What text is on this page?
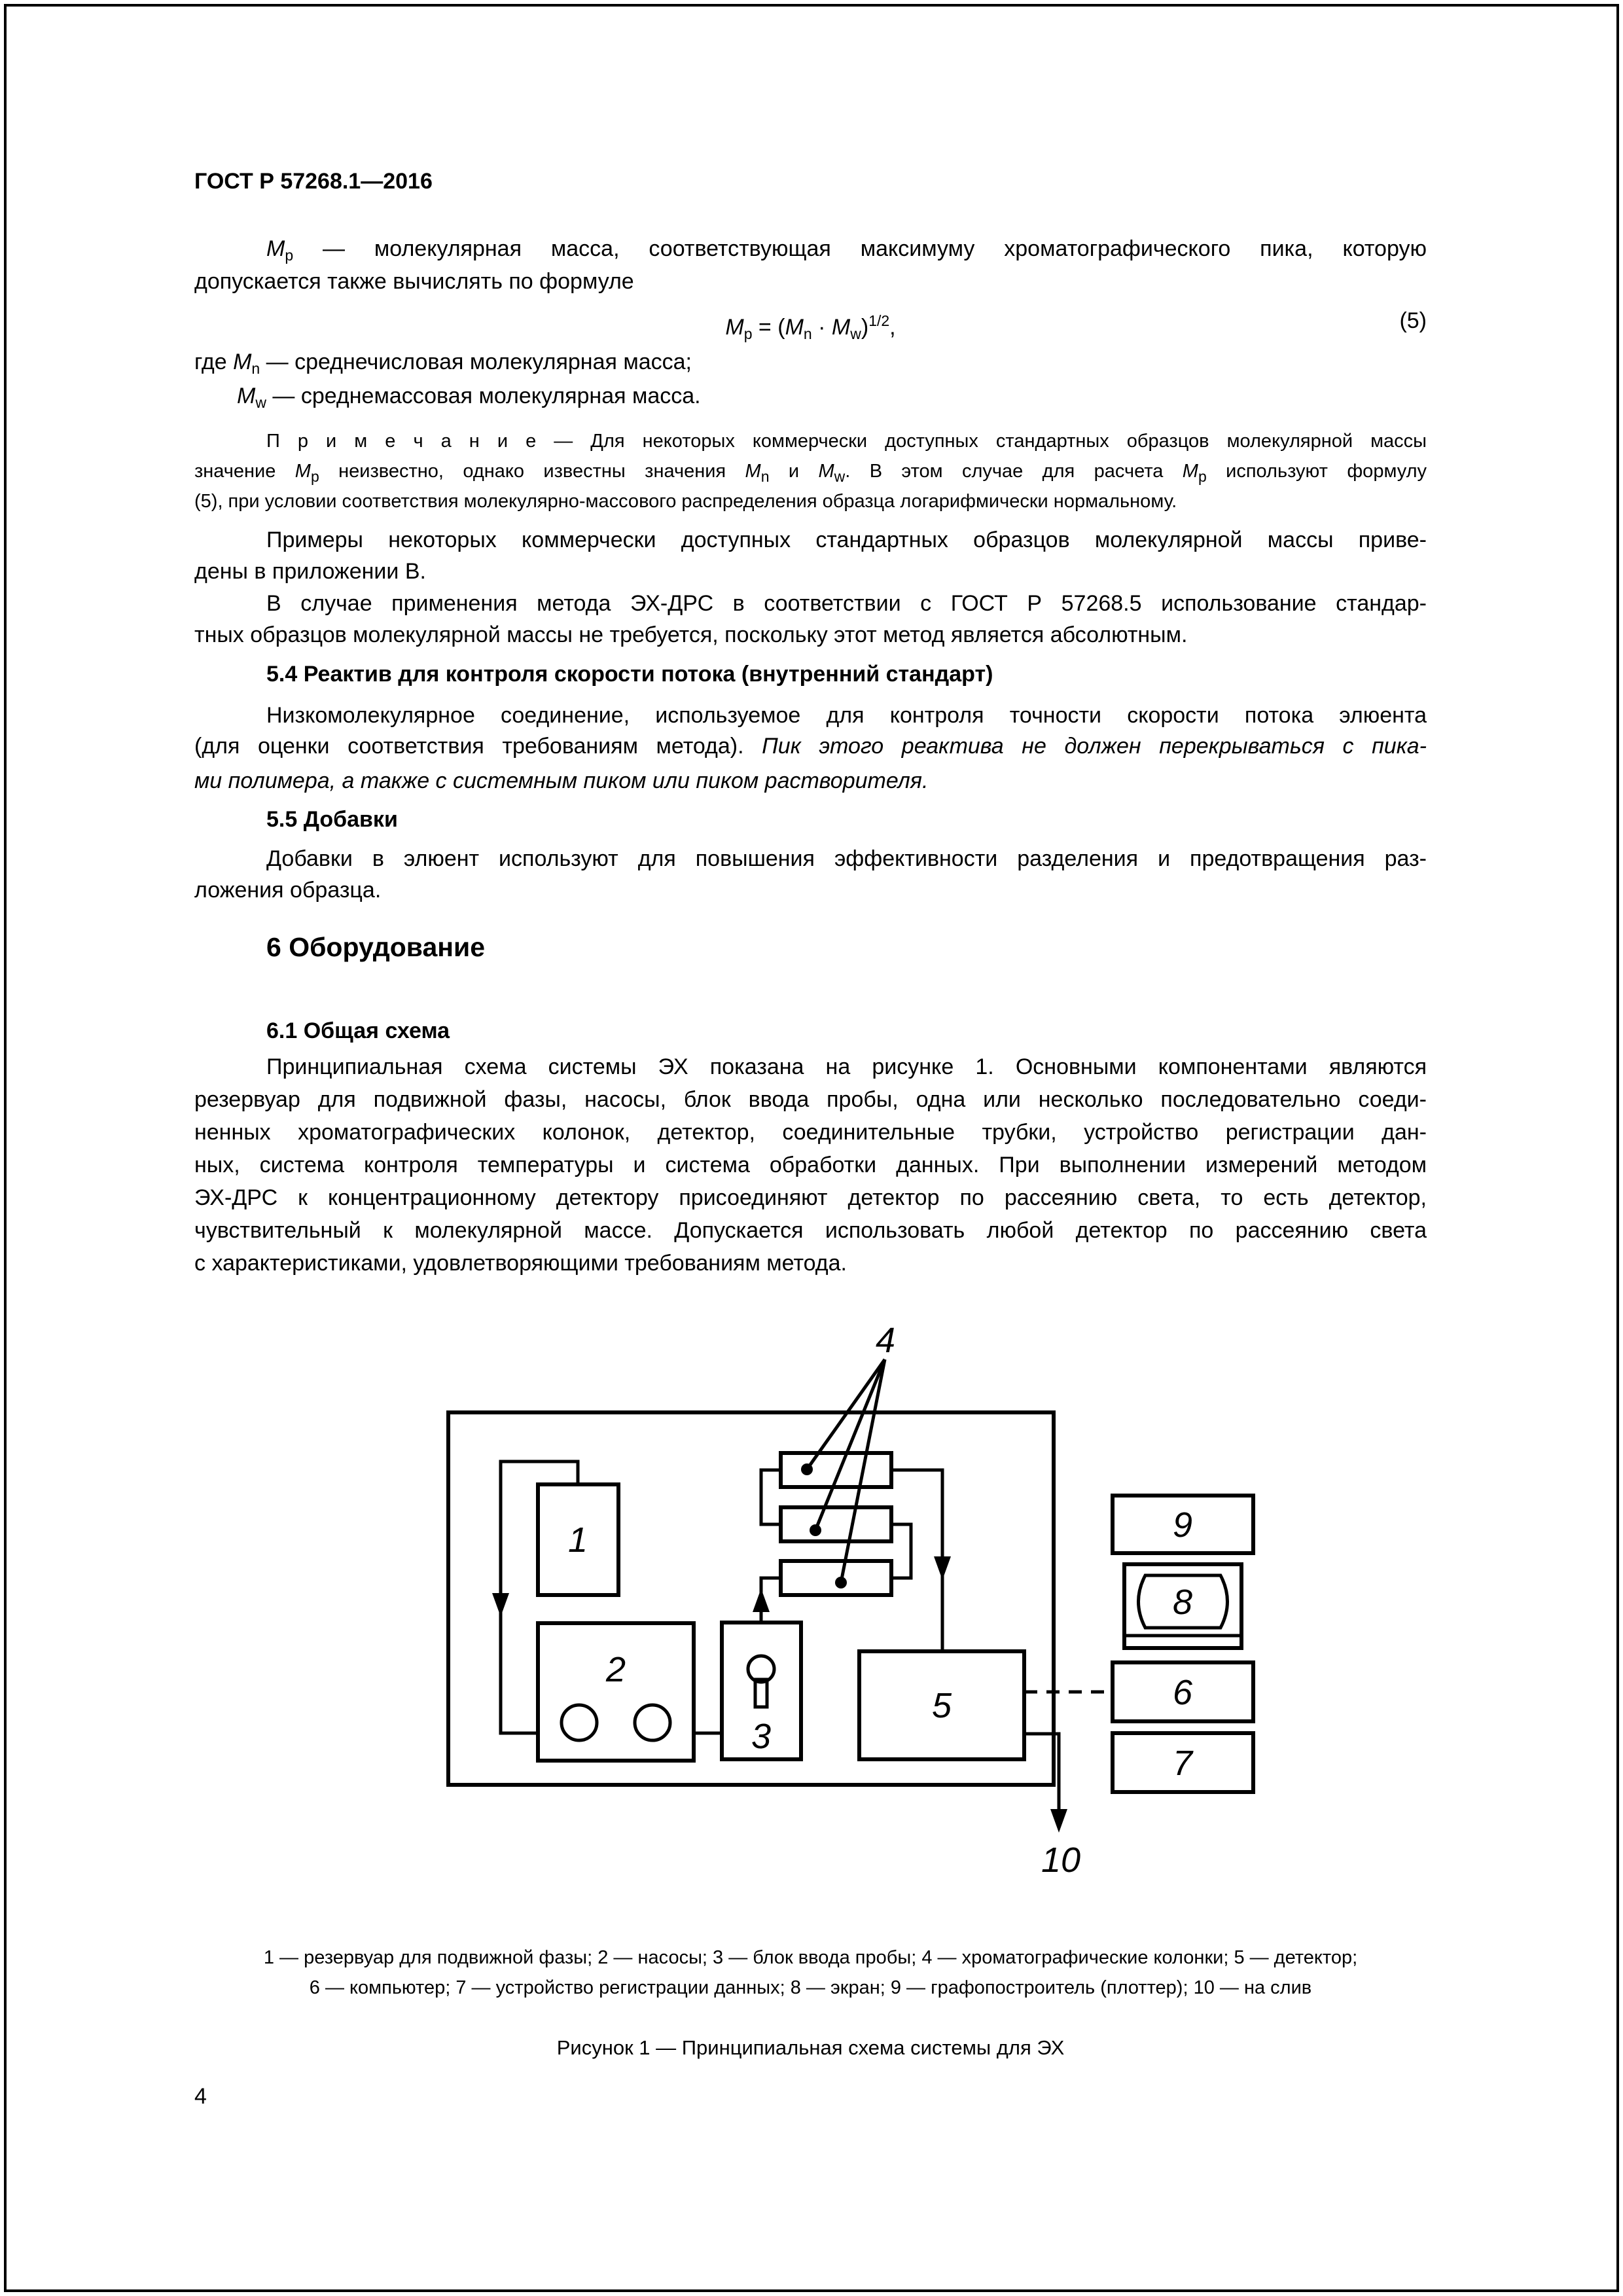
ГОСТ Р 57268.1—2016
$M_p$ — молекулярная масса, соответствующая максимуму хроматографического пика, которую
допускается также вычислять по формуле
$M_p = (M_n \cdot M_w)^{1/2}$,	(5)
где $M_n$ — среднечисловая молекулярная масса;
$M_w$ — среднемассовая молекулярная масса.
П р и м е ч а н и е — Для некоторых коммерчески доступных стандартных образцов молекулярной массы
значение $M_p$ неизвестно, однако известны значения $M_n$ и $M_w$. В этом случае для расчета $M_p$ используют формулу
(5), при условии соответствия молекулярно-массового распределения образца логарифмически нормальному.
Примеры некоторых коммерчески доступных стандартных образцов молекулярной массы приве-
дены в приложении В.
В случае применения метода ЭХ-ДРС в соответствии с ГОСТ Р 57268.5 использование стандар-
тных образцов молекулярной массы не требуется, поскольку этот метод является абсолютным.
5.4 Реактив для контроля скорости потока (внутренний стандарт)
Низкомолекулярное соединение, используемое для контроля точности скорости потока элюента
(для оценки соответствия требованиям метода). Пик этого реактива не должен перекрываться с пика-
ми полимера, а также с системным пиком или пиком растворителя.
5.5 Добавки
Добавки в элюент используют для повышения эффективности разделения и предотвращения раз-
ложения образца.
6 Оборудование
6.1 Общая схема
Принципиальная схема системы ЭХ показана на рисунке 1. Основными компонентами являются
резервуар для подвижной фазы, насосы, блок ввода пробы, одна или несколько последовательно соеди-
ненных хроматографических колонок, детектор, соединительные трубки, устройство регистрации дан-
ных, система контроля температуры и система обработки данных. При выполнении измерений методом
ЭХ-ДРС к концентрационному детектору присоединяют детектор по рассеянию света, то есть детектор,
чувствительный к молекулярной массе. Допускается использовать любой детектор по рассеянию света
с характеристиками, удовлетворяющими требованиям метода.
1
2
3
4
5	6
7
8
9
10
1 — резервуар для подвижной фазы; 2 — насосы; 3 — блок ввода пробы; 4 — хроматографические колонки; 5 — детектор;
6 — компьютер; 7 — устройство регистрации данных; 8 — экран; 9 — графопостроитель (плоттер); 10 — на слив
Рисунок 1 — Принципиальная схема системы для ЭХ
4
